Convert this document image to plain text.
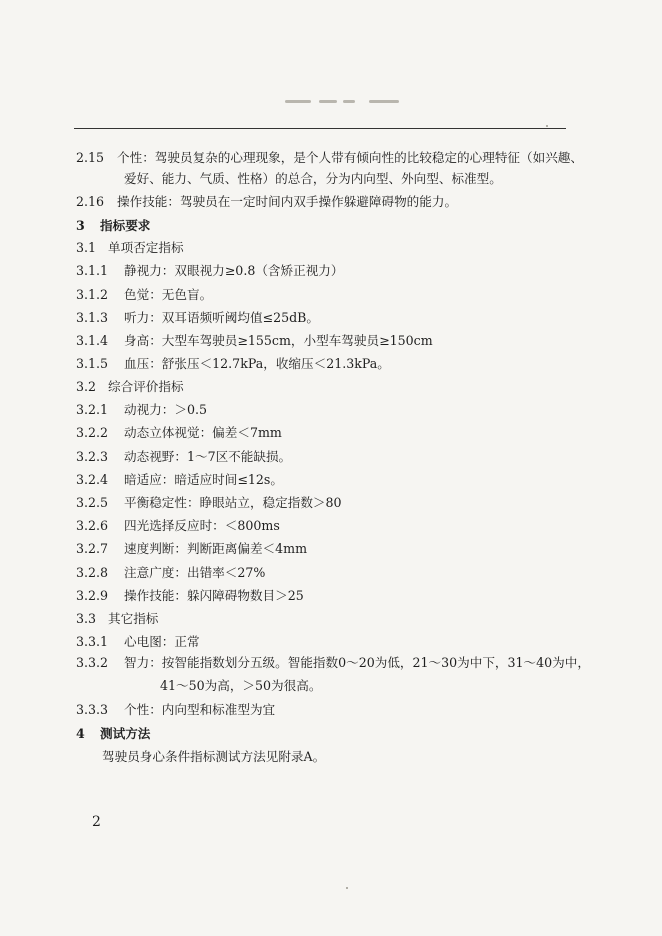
2.15 个性：驾驶员复杂的心理现象，是个人带有倾向性的比较稳定的心理特征（如兴趣、
爱好、能力、气质、性格）的总合，分为内向型、外向型、标准型。
2.16 操作技能：驾驶员在一定时间内双手操作躲避障碍物的能力。
3 指标要求
3.1 单项否定指标
3.1.1 静视力：双眼视力≥0.8（含矫正视力）
3.1.2 色觉：无色盲。
3.1.3 听力：双耳语频听阈均值≤25dB。
3.1.4 身高：大型车驾驶员≥155cm，小型车驾驶员≥150cm
3.1.5 血压：舒张压＜12.7kPa，收缩压＜21.3kPa。
3.2 综合评价指标
3.2.1 动视力：＞0.5
3.2.2 动态立体视觉：偏差＜7mm
3.2.3 动态视野：1～7区不能缺损。
3.2.4 暗适应：暗适应时间≤12s。
3.2.5 平衡稳定性：睁眼站立，稳定指数＞80
3.2.6 四光选择反应时：＜800ms
3.2.7 速度判断：判断距离偏差＜4mm
3.2.8 注意广度：出错率＜27%
3.2.9 操作技能：躲闪障碍物数目＞25
3.3 其它指标
3.3.1 心电图：正常
3.3.2 智力：按智能指数划分五级。智能指数0～20为低，21～30为中下，31～40为中，
41～50为高，＞50为很高。
3.3.3 个性：内向型和标准型为宜
4 测试方法
驾驶员身心条件指标测试方法见附录A。
2
